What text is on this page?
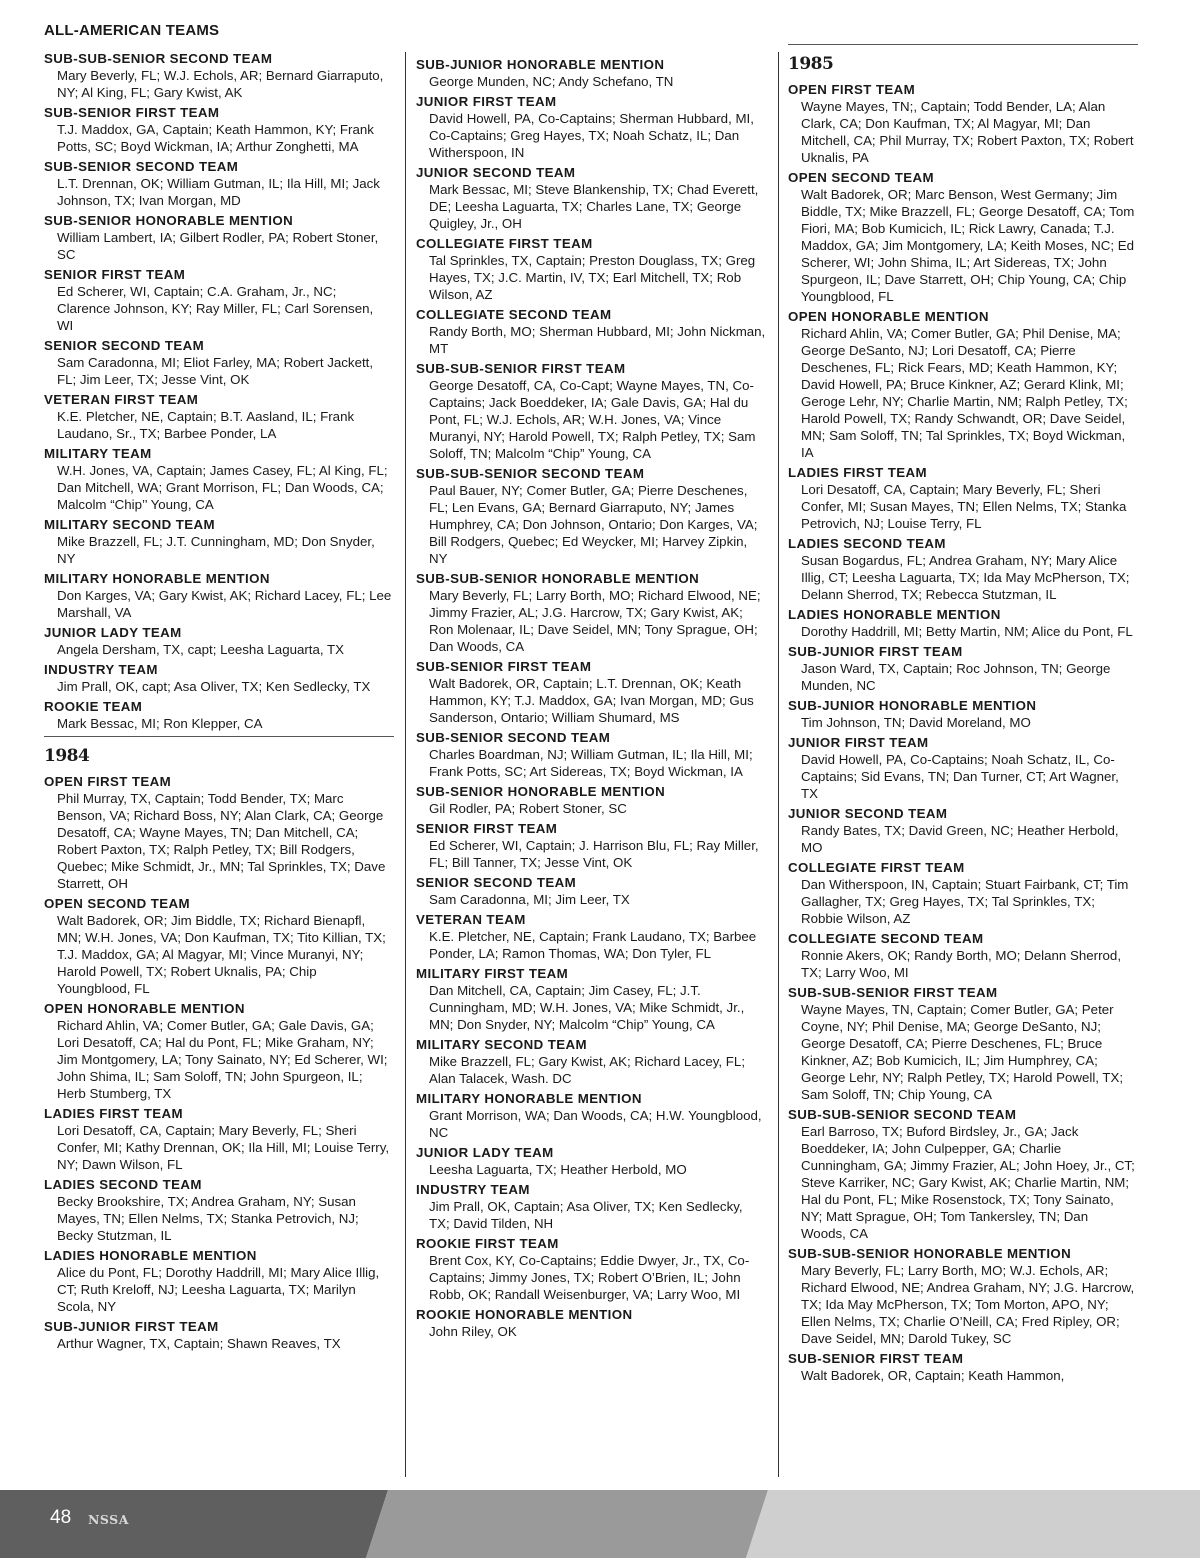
ALL-AMERICAN TEAMS
SUB-SUB-SENIOR SECOND TEAM
Mary Beverly, FL; W.J. Echols, AR; Bernard Giarraputo, NY; Al King, FL; Gary Kwist, AK
SUB-SENIOR FIRST TEAM
T.J. Maddox, GA, Captain; Keath Hammon, KY; Frank Potts, SC; Boyd Wickman, IA; Arthur Zonghetti, MA
SUB-SENIOR SECOND TEAM
L.T. Drennan, OK; William Gutman, IL; Ila Hill, MI; Jack Johnson, TX; Ivan Morgan, MD
SUB-SENIOR HONORABLE MENTION
William Lambert, IA; Gilbert Rodler, PA; Robert Stoner, SC
SENIOR FIRST TEAM
Ed Scherer, WI, Captain; C.A. Graham, Jr., NC; Clarence Johnson, KY; Ray Miller, FL; Carl Sorensen, WI
SENIOR SECOND TEAM
Sam Caradonna, MI; Eliot Farley, MA; Robert Jackett, FL; Jim Leer, TX; Jesse Vint, OK
VETERAN FIRST TEAM
K.E. Pletcher, NE, Captain; B.T. Aasland, IL; Frank Laudano, Sr., TX; Barbee Ponder, LA
MILITARY TEAM
W.H. Jones, VA, Captain; James Casey, FL; Al King, FL; Dan Mitchell, WA; Grant Morrison, FL; Dan Woods, CA; Malcolm “Chip’’ Young, CA
MILITARY SECOND TEAM
Mike Brazzell, FL; J.T. Cunningham, MD; Don Snyder, NY
MILITARY HONORABLE MENTION
Don Karges, VA; Gary Kwist, AK; Richard Lacey, FL; Lee Marshall, VA
JUNIOR LADY TEAM
Angela Dersham, TX, capt; Leesha Laguarta, TX
INDUSTRY TEAM
Jim Prall, OK, capt; Asa Oliver, TX; Ken Sedlecky, TX
ROOKIE TEAM
Mark Bessac, MI; Ron Klepper, CA
1984
OPEN FIRST TEAM
Phil Murray, TX, Captain; Todd Bender, TX; Marc Benson, VA; Richard Boss, NY; Alan Clark, CA; George Desatoff, CA; Wayne Mayes, TN; Dan Mitchell, CA; Robert Paxton, TX; Ralph Petley, TX; Bill Rodgers, Quebec; Mike Schmidt, Jr., MN; Tal Sprinkles, TX; Dave Starrett, OH
OPEN SECOND TEAM
Walt Badorek, OR; Jim Biddle, TX; Richard Bienapfl, MN; W.H. Jones, VA; Don Kaufman, TX; Tito Killian, TX; T.J. Maddox, GA; Al Magyar, MI; Vince Muranyi, NY; Harold Powell, TX; Robert Uknalis, PA; Chip Youngblood, FL
OPEN HONORABLE MENTION
Richard Ahlin, VA; Comer Butler, GA; Gale Davis, GA; Lori Desatoff, CA; Hal du Pont, FL; Mike Graham, NY; Jim Montgomery, LA; Tony Sainato, NY; Ed Scherer, WI; John Shima, IL; Sam Soloff, TN; John Spurgeon, IL; Herb Stumberg, TX
LADIES FIRST TEAM
Lori Desatoff, CA, Captain; Mary Beverly, FL; Sheri Confer, MI; Kathy Drennan, OK; Ila Hill, MI; Louise Terry, NY; Dawn Wilson, FL
LADIES SECOND TEAM
Becky Brookshire, TX; Andrea Graham, NY; Susan Mayes, TN; Ellen Nelms, TX; Stanka Petrovich, NJ; Becky Stutzman, IL
LADIES HONORABLE MENTION
Alice du Pont, FL; Dorothy Haddrill, MI; Mary Alice Illig, CT; Ruth Kreloff, NJ; Leesha Laguarta, TX; Marilyn Scola, NY
SUB-JUNIOR FIRST TEAM
Arthur Wagner, TX, Captain; Shawn Reaves, TX
SUB-JUNIOR HONORABLE MENTION
George Munden, NC; Andy Schefano, TN
JUNIOR FIRST TEAM
David Howell, PA, Co-Captains; Sherman Hubbard, MI, Co-Captains; Greg Hayes, TX; Noah Schatz, IL; Dan Witherspoon, IN
JUNIOR SECOND TEAM
Mark Bessac, MI; Steve Blankenship, TX; Chad Everett, DE; Leesha Laguarta, TX; Charles Lane, TX; George Quigley, Jr., OH
COLLEGIATE FIRST TEAM
Tal Sprinkles, TX, Captain; Preston Douglass, TX; Greg Hayes, TX; J.C. Martin, IV, TX; Earl Mitchell, TX; Rob Wilson, AZ
COLLEGIATE SECOND TEAM
Randy Borth, MO; Sherman Hubbard, MI; John Nickman, MT
SUB-SUB-SENIOR FIRST TEAM
George Desatoff, CA, Co-Capt; Wayne Mayes, TN, Co-Captains; Jack Boeddeker, IA; Gale Davis, GA; Hal du Pont, FL; W.J. Echols, AR; W.H. Jones, VA; Vince Muranyi, NY; Harold Powell, TX; Ralph Petley, TX; Sam Soloff, TN; Malcolm “Chip” Young, CA
SUB-SUB-SENIOR SECOND TEAM
Paul Bauer, NY; Comer Butler, GA; Pierre Deschenes, FL; Len Evans, GA; Bernard Giarraputo, NY; James Humphrey, CA; Don Johnson, Ontario; Don Karges, VA; Bill Rodgers, Quebec; Ed Weycker, MI; Harvey Zipkin, NY
SUB-SUB-SENIOR HONORABLE MENTION
Mary Beverly, FL; Larry Borth, MO; Richard Elwood, NE; Jimmy Frazier, AL; J.G. Harcrow, TX; Gary Kwist, AK; Ron Molenaar, IL; Dave Seidel, MN; Tony Sprague, OH; Dan Woods, CA
SUB-SENIOR FIRST TEAM
Walt Badorek, OR, Captain; L.T. Drennan, OK; Keath Hammon, KY; T.J. Maddox, GA; Ivan Morgan, MD; Gus Sanderson, Ontario; William Shumard, MS
SUB-SENIOR SECOND TEAM
Charles Boardman, NJ; William Gutman, IL; Ila Hill, MI; Frank Potts, SC; Art Sidereas, TX; Boyd Wickman, IA
SUB-SENIOR HONORABLE MENTION
Gil Rodler, PA; Robert Stoner, SC
SENIOR FIRST TEAM
Ed Scherer, WI, Captain; J. Harrison Blu, FL; Ray Miller, FL; Bill Tanner, TX; Jesse Vint, OK
SENIOR SECOND TEAM
Sam Caradonna, MI; Jim Leer, TX
VETERAN TEAM
K.E. Pletcher, NE, Captain; Frank Laudano, TX; Barbee Ponder, LA; Ramon Thomas, WA; Don Tyler, FL
MILITARY FIRST TEAM
Dan Mitchell, CA, Captain; Jim Casey, FL; J.T. Cunningham, MD; W.H. Jones, VA; Mike Schmidt, Jr., MN; Don Snyder, NY; Malcolm “Chip” Young, CA
MILITARY SECOND TEAM
Mike Brazzell, FL; Gary Kwist, AK; Richard Lacey, FL; Alan Talacek, Wash. DC
MILITARY HONORABLE MENTION
Grant Morrison, WA; Dan Woods, CA; H.W. Youngblood, NC
JUNIOR LADY TEAM
Leesha Laguarta, TX; Heather Herbold, MO
INDUSTRY TEAM
Jim Prall, OK, Captain; Asa Oliver, TX; Ken Sedlecky, TX; David Tilden, NH
ROOKIE FIRST TEAM
Brent Cox, KY, Co-Captains; Eddie Dwyer, Jr., TX, Co-Captains; Jimmy Jones, TX; Robert O’Brien, IL; John Robb, OK; Randall Weisenburger, VA; Larry Woo, MI
ROOKIE HONORABLE MENTION
John Riley, OK
1985
OPEN FIRST TEAM
Wayne Mayes, TN;, Captain; Todd Bender, LA; Alan Clark, CA; Don Kaufman, TX; Al Magyar, MI; Dan Mitchell, CA; Phil Murray, TX; Robert Paxton, TX; Robert Uknalis, PA
OPEN SECOND TEAM
Walt Badorek, OR; Marc Benson, West Germany; Jim Biddle, TX; Mike Brazzell, FL; George Desatoff, CA; Tom Fiori, MA; Bob Kumicich, IL; Rick Lawry, Canada; T.J. Maddox, GA; Jim Montgomery, LA; Keith Moses, NC; Ed Scherer, WI; John Shima, IL; Art Sidereas, TX; John Spurgeon, IL; Dave Starrett, OH; Chip Young, CA; Chip Youngblood, FL
OPEN HONORABLE MENTION
Richard Ahlin, VA; Comer Butler, GA; Phil Denise, MA; George DeSanto, NJ; Lori Desatoff, CA; Pierre Deschenes, FL; Rick Fears, MD; Keath Hammon, KY; David Howell, PA; Bruce Kinkner, AZ; Gerard Klink, MI; Geroge Lehr, NY; Charlie Martin, NM; Ralph Petley, TX; Harold Powell, TX; Randy Schwandt, OR; Dave Seidel, MN; Sam Soloff, TN; Tal Sprinkles, TX; Boyd Wickman, IA
LADIES FIRST TEAM
Lori Desatoff, CA, Captain; Mary Beverly, FL; Sheri Confer, MI; Susan Mayes, TN; Ellen Nelms, TX; Stanka Petrovich, NJ; Louise Terry, FL
LADIES SECOND TEAM
Susan Bogardus, FL; Andrea Graham, NY; Mary Alice Illig, CT; Leesha Laguarta, TX; Ida May McPherson, TX; Delann Sherrod, TX; Rebecca Stutzman, IL
LADIES HONORABLE MENTION
Dorothy Haddrill, MI; Betty Martin, NM; Alice du Pont, FL
SUB-JUNIOR FIRST TEAM
Jason Ward, TX, Captain; Roc Johnson, TN; George Munden, NC
SUB-JUNIOR HONORABLE MENTION
Tim Johnson, TN; David Moreland, MO
JUNIOR FIRST TEAM
David Howell, PA, Co-Captains; Noah Schatz, IL, Co-Captains; Sid Evans, TN; Dan Turner, CT; Art Wagner, TX
JUNIOR SECOND TEAM
Randy Bates, TX; David Green, NC; Heather Herbold, MO
COLLEGIATE FIRST TEAM
Dan Witherspoon, IN, Captain; Stuart Fairbank, CT; Tim Gallagher, TX; Greg Hayes, TX; Tal Sprinkles, TX; Robbie Wilson, AZ
COLLEGIATE SECOND TEAM
Ronnie Akers, OK; Randy Borth, MO; Delann Sherrod, TX; Larry Woo, MI
SUB-SUB-SENIOR FIRST TEAM
Wayne Mayes, TN, Captain; Comer Butler, GA; Peter Coyne, NY; Phil Denise, MA; George DeSanto, NJ; George Desatoff, CA; Pierre Deschenes, FL; Bruce Kinkner, AZ; Bob Kumicich, IL; Jim Humphrey, CA; George Lehr, NY; Ralph Petley, TX; Harold Powell, TX; Sam Soloff, TN; Chip Young, CA
SUB-SUB-SENIOR SECOND TEAM
Earl Barroso, TX; Buford Birdsley, Jr., GA; Jack Boeddeker, IA; John Culpepper, GA; Charlie Cunningham, GA; Jimmy Frazier, AL; John Hoey, Jr., CT; Steve Karriker, NC; Gary Kwist, AK; Charlie Martin, NM; Hal du Pont, FL; Mike Rosenstock, TX; Tony Sainato, NY; Matt Sprague, OH; Tom Tankersley, TN; Dan Woods, CA
SUB-SUB-SENIOR HONORABLE MENTION
Mary Beverly, FL; Larry Borth, MO; W.J. Echols, AR; Richard Elwood, NE; Andrea Graham, NY; J.G. Harcrow, TX; Ida May McPherson, TX; Tom Morton, APO, NY; Ellen Nelms, TX; Charlie O’Neill, CA; Fred Ripley, OR; Dave Seidel, MN; Darold Tukey, SC
SUB-SENIOR FIRST TEAM
Walt Badorek, OR, Captain; Keath Hammon,
48 NSSA
